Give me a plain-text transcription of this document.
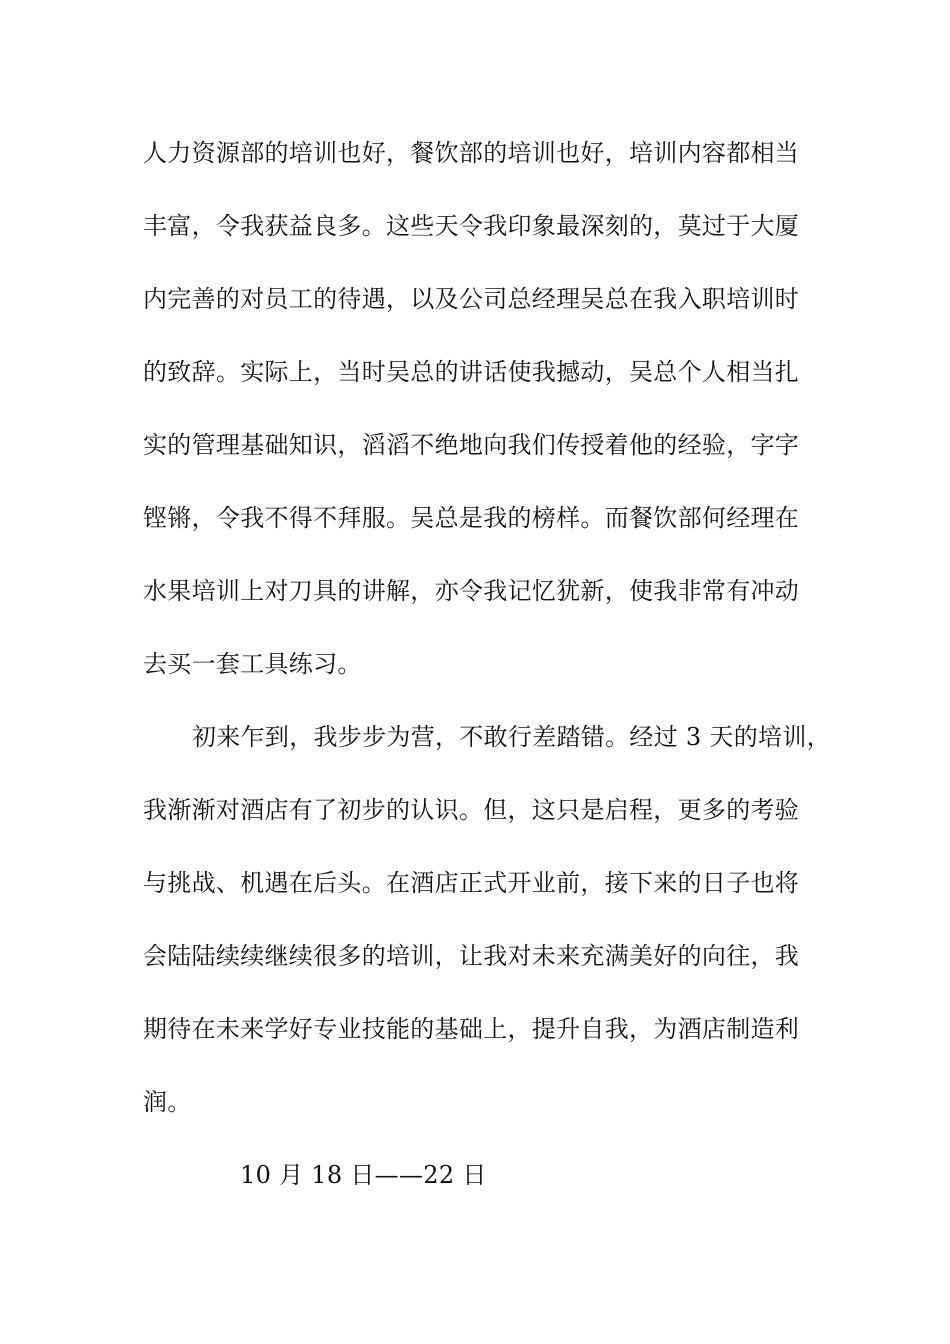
人力资源部的培训也好，餐饮部的培训也好，培训内容都相当
丰富，令我获益良多。这些天令我印象最深刻的，莫过于大厦
内完善的对员工的待遇，以及公司总经理吴总在我入职培训时
的致辞。实际上，当时吴总的讲话使我撼动，吴总个人相当扎
实的管理基础知识，滔滔不绝地向我们传授着他的经验，字字
铿锵，令我不得不拜服。吴总是我的榜样。而餐饮部何经理在
水果培训上对刀具的讲解，亦令我记忆犹新，使我非常有冲动
去买一套工具练习。
初来乍到，我步步为营，不敢行差踏错。经过 3 天的培训，
我渐渐对酒店有了初步的认识。但，这只是启程，更多的考验
与挑战、机遇在后头。在酒店正式开业前，接下来的日子也将
会陆陆续续继续很多的培训，让我对未来充满美好的向往，我
期待在未来学好专业技能的基础上，提升自我，为酒店制造利
润。
10 月 18 日——22 日
